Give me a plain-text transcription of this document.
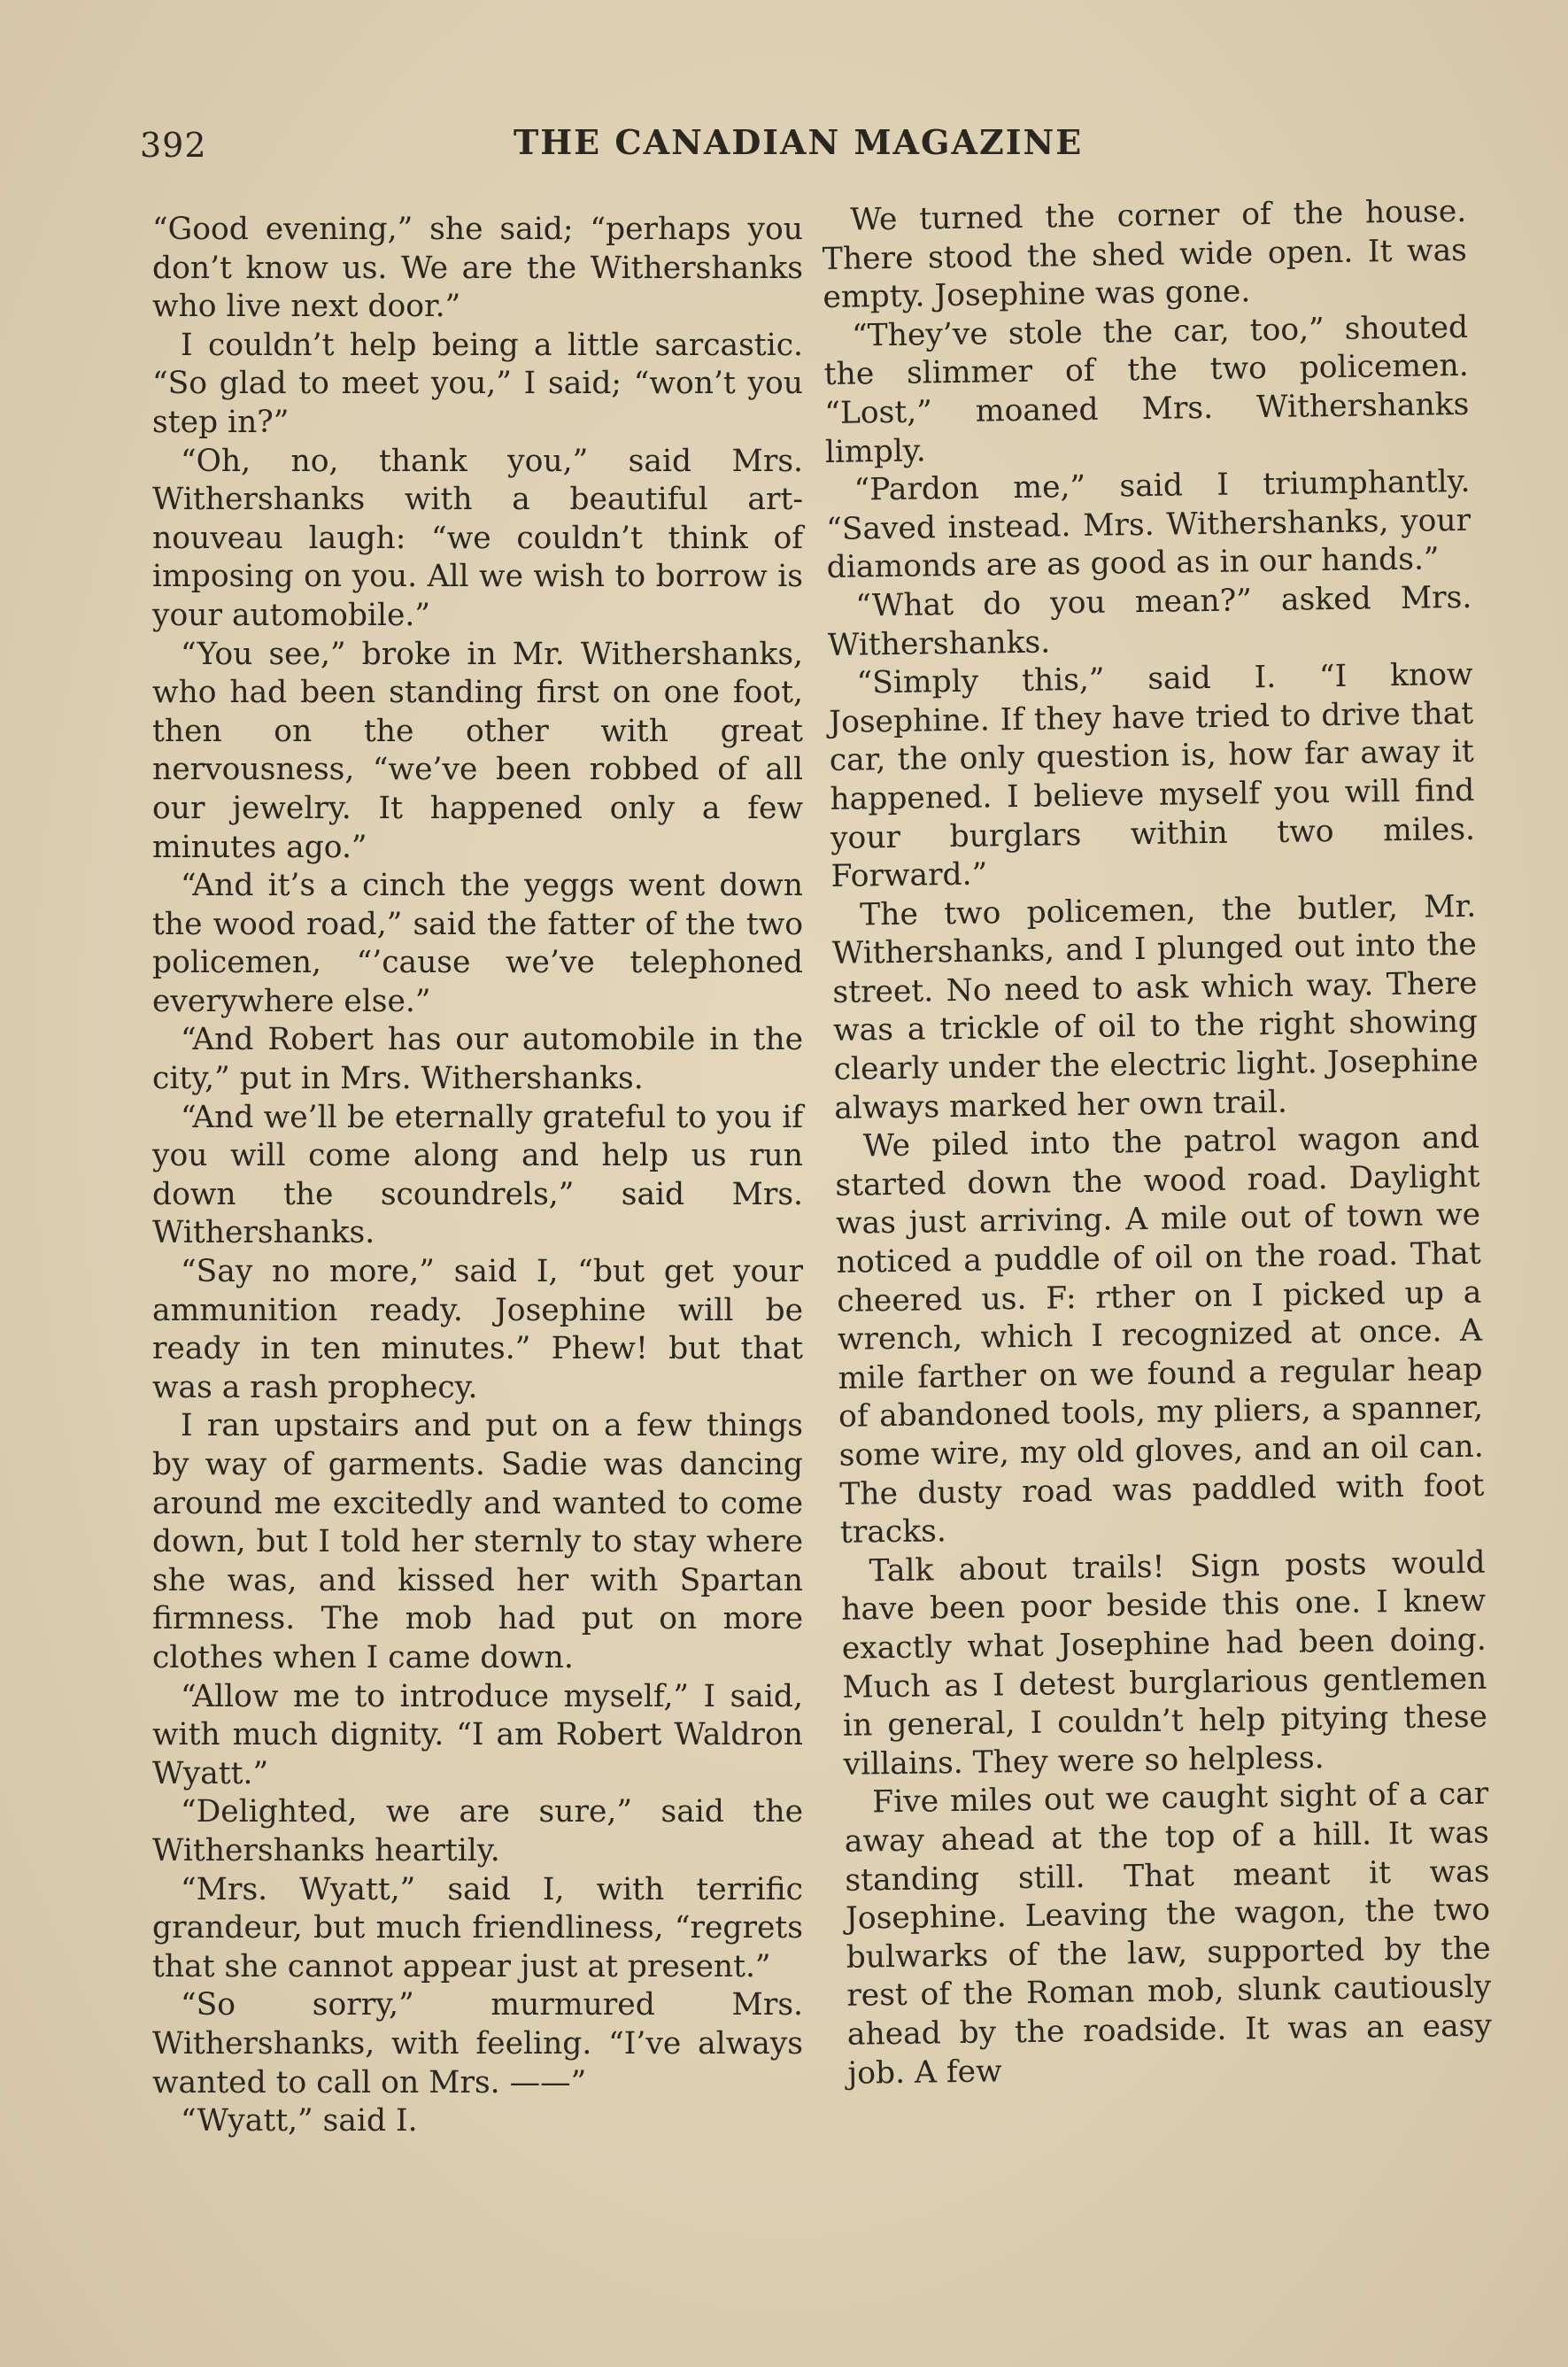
392	THE CANADIAN MAGAZINE

“Good evening,” she said; “perhaps you don’t know us. We are the Withershanks who live next door.”

I couldn’t help being a little sarcastic. “So glad to meet you,” I said; “won’t you step in?”

“Oh, no, thank you,” said Mrs. Withershanks with a beautiful art-nouveau laugh: “we couldn’t think of imposing on you. All we wish to borrow is your automobile.”

“You see,” broke in Mr. Withershanks, who had been standing first on one foot, then on the other with great nervousness, “we’ve been robbed of all our jewelry. It happened only a few minutes ago.”

“And it’s a cinch the yeggs went down the wood road,” said the fatter of the two policemen, “’cause we’ve telephoned everywhere else.”

“And Robert has our automobile in the city,” put in Mrs. Withershanks.

“And we’ll be eternally grateful to you if you will come along and help us run down the scoundrels,” said Mrs. Withershanks.

“Say no more,” said I, “but get your ammunition ready. Josephine will be ready in ten minutes.” Phew! but that was a rash prophecy.

I ran upstairs and put on a few things by way of garments. Sadie was dancing around me excitedly and wanted to come down, but I told her sternly to stay where she was, and kissed her with Spartan firmness. The mob had put on more clothes when I came down.

“Allow me to introduce myself,” I said, with much dignity. “I am Robert Waldron Wyatt.”

“Delighted, we are sure,” said the Withershanks heartily.

“Mrs. Wyatt,” said I, with terrific grandeur, but much friendliness, “regrets that she cannot appear just at present.”

“So sorry,” murmured Mrs. Withershanks, with feeling. “I’ve always wanted to call on Mrs. ——”

“Wyatt,” said I.

We turned the corner of the house. There stood the shed wide open. It was empty. Josephine was gone.

“They’ve stole the car, too,” shouted the slimmer of the two policemen. “Lost,” moaned Mrs. Withershanks limply.

“Pardon me,” said I triumphantly. “Saved instead. Mrs. Withershanks, your diamonds are as good as in our hands.”

“What do you mean?” asked Mrs. Withershanks.

“Simply this,” said I. “I know Josephine. If they have tried to drive that car, the only question is, how far away it happened. I believe myself you will find your burglars within two miles. Forward.”

The two policemen, the butler, Mr. Withershanks, and I plunged out into the street. No need to ask which way. There was a trickle of oil to the right showing clearly under the electric light. Josephine always marked her own trail.

We piled into the patrol wagon and started down the wood road. Daylight was just arriving. A mile out of town we noticed a puddle of oil on the road. That cheered us. F: rther on I picked up a wrench, which I recognized at once. A mile farther on we found a regular heap of abandoned tools, my pliers, a spanner, some wire, my old gloves, and an oil can. The dusty road was paddled with foot tracks.

Talk about trails! Sign posts would have been poor beside this one. I knew exactly what Josephine had been doing. Much as I detest burglarious gentlemen in general, I couldn’t help pitying these villains. They were so helpless.

Five miles out we caught sight of a car away ahead at the top of a hill. It was standing still. That meant it was Josephine. Leaving the wagon, the two bulwarks of the law, supported by the rest of the Roman mob, slunk cautiously ahead by the roadside. It was an easy job. A few
